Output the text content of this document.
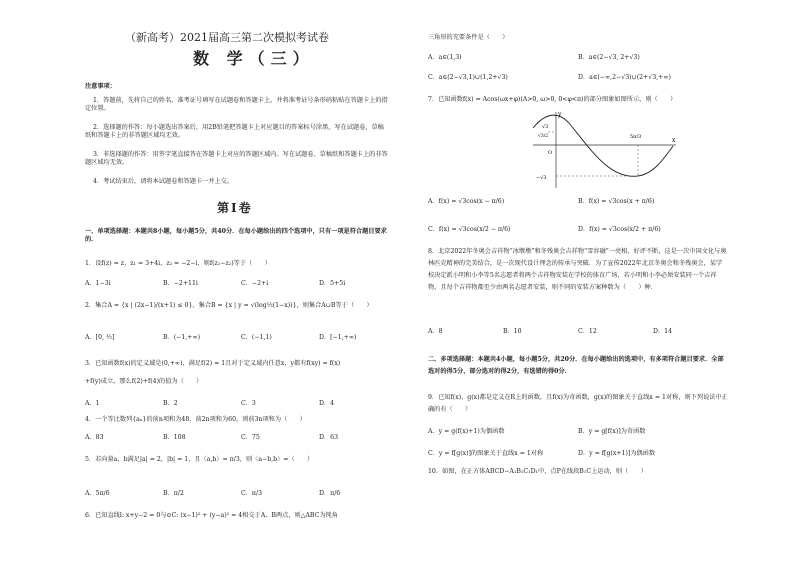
（新高考）2021届高三第二次模拟考试卷
数 学（三）
注意事项：
1．答题前，先将自己的姓名、准考证号填写在试题卷和答题卡上，并将准考证号条形码粘贴在答题卡上的指定位置。
2．选择题的作答：每小题选出答案后，用2B铅笔把答题卡上对应题目的答案标号涂黑，写在试题卷、草稿纸和答题卡上的非答题区域均无效。
3．非选择题的作答：用签字笔直接答在答题卡上对应的答题区域内。写在试题卷、草稿纸和答题卡上的非答题区域均无效。
4．考试结束后，请将本试题卷和答题卡一并上交。
第Ⅰ卷
一、单项选择题：本题共8小题，每小题5分，共40分．在每小题给出的四个选项中，只有一项是符合题目要求的．
1．设f(z) = z，z₁ = 3+4i，z₂ = −2−i，则f(z₁−z₂)等于（　　）
A．1−3i	B．−2+11i	C．−2+i	D．5+5i
2．集合A = {x | (2x−1)/(x+1) ≤ 0}，集合B = {x | y = √(log½(1−x))}，则集合A∪B等于（　　）
A．[0, ½]	B．(−1,+∞)	C．(−1,1)	D．[−1,+∞)
3．已知函数f(x)的定义域是(0,+∞)，满足f(2) = 1且对于定义域内任意x，y都有f(xy) = f(x)
+f(y)成立，那么f(2)+f(4)的值为（　　）
A．1	B．2	C．3	D．4
4．一个等比数列{aₙ}的前n项和为48，前2n项和为60，则前3n项和为（　　）
A．83	B．108	C．75	D．63
5．若向量a，b满足|a| = 2，|b| = 1，且〈a,b〉= π/3，则〈a−b,b〉=（　　）
A．5π/6	B．π/2	C．π/3	D．π/6
6．已知直线l: x+y−2 = 0与⊙C: (x−1)² + (y−a)² = 4相交于A、B两点，则△ABC为钝角
三角形的充要条件是（　　）
A．a∈(1,3)	B．a∈(2−√3, 2+√3)
C．a∈(2−√3,1)∪(1,2+√3)	D．a∈(−∞,2−√3)∪(2+√3,+∞)
7．已知函数f(x) = Acos(ωx+φ)(A>0, ω>0, 0<φ<π)的部分图象如图所示，则（　　）
y
√3
√3/2
O
−√3
5π/3	x
A．f(x) = √3cos(x − π/6)	B．f(x) = √3cos(x + π/6)
C．f(x) = √3cos(x/2 − π/6)	D．f(x) = √3cos(x/2 + π/6)
8．北京2022年冬奥会吉祥物“冰墩墩”和冬残奥会吉祥物“雪容融”一亮相，好评不断，这是一次中国文化与奥林匹克精神的完美结合，是一次现代设计理念的传承与突破．为了宣传2022年北京冬奥会和冬残奥会，某学校决定派小明和小李等5名志愿者将两个吉祥物安装在学校的体育广场，若小明和小李必须安装同一个吉祥物，且每个吉祥物都至少由两名志愿者安装，则不同的安装方案种数为（　　）种．
A．8	B．10	C．12	D．14
二、多项选择题：本题共4小题，每小题5分，共20分．在每小题给出的选项中，有多项符合题目要求．全部选对的得5分，部分选对的得2分，有选错的得0分．
9．已知f(x)，g(x)都是定义在R上的函数，且f(x)为奇函数，g(x)的图象关于直线x = 1对称，则下列说法中正确的有（　　）
A．y = g(f(x)+1)为偶函数	B．y = g[f(x)]为奇函数
C．y = f[g(x)]的图象关于直线x = 1对称	D．y = f[g(x+1)]为偶函数
10．如图，在正方体ABCD−A₁B₁C₁D₁中，点P在线段B₁C上运动，则（　　）
